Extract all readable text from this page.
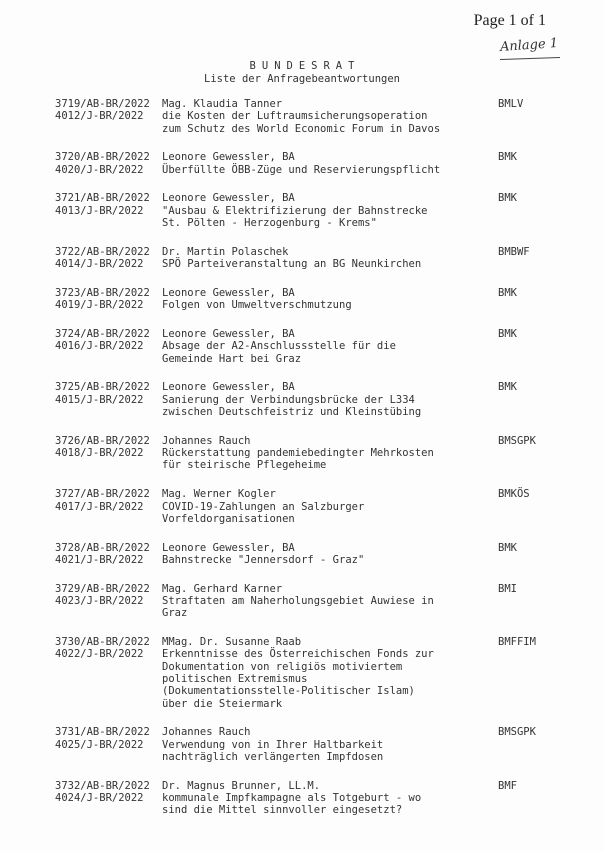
Page 1 of 1
Anlage 1
BUNDESRAT
Liste der Anfragebeantwortungen
3719/AB-BR/2022
4012/J-BR/2022
Mag. Klaudia Tanner
die Kosten der Luftraumsicherungsoperation
zum Schutz des World Economic Forum in Davos
BMLV
3720/AB-BR/2022
4020/J-BR/2022
Leonore Gewessler, BA
Überfüllte ÖBB-Züge und Reservierungspflicht
BMK
3721/AB-BR/2022
4013/J-BR/2022
Leonore Gewessler, BA
"Ausbau & Elektrifizierung der Bahnstrecke
St. Pölten - Herzogenburg - Krems"
BMK
3722/AB-BR/2022
4014/J-BR/2022
Dr. Martin Polaschek
SPÖ Parteiveranstaltung an BG Neunkirchen
BMBWF
3723/AB-BR/2022
4019/J-BR/2022
Leonore Gewessler, BA
Folgen von Umweltverschmutzung
BMK
3724/AB-BR/2022
4016/J-BR/2022
Leonore Gewessler, BA
Absage der A2-Anschlussstelle für die
Gemeinde Hart bei Graz
BMK
3725/AB-BR/2022
4015/J-BR/2022
Leonore Gewessler, BA
Sanierung der Verbindungsbrücke der L334
zwischen Deutschfeistriz und Kleinstübing
BMK
3726/AB-BR/2022
4018/J-BR/2022
Johannes Rauch
Rückerstattung pandemiebedingter Mehrkosten
für steirische Pflegeheime
BMSGPK
3727/AB-BR/2022
4017/J-BR/2022
Mag. Werner Kogler
COVID-19-Zahlungen an Salzburger
Vorfeldorganisationen
BMKÖS
3728/AB-BR/2022
4021/J-BR/2022
Leonore Gewessler, BA
Bahnstrecke "Jennersdorf - Graz"
BMK
3729/AB-BR/2022
4023/J-BR/2022
Mag. Gerhard Karner
Straftaten am Naherholungsgebiet Auwiese in
Graz
BMI
3730/AB-BR/2022
4022/J-BR/2022
MMag. Dr. Susanne Raab
Erkenntnisse des Österreichischen Fonds zur
Dokumentation von religiös motiviertem
politischen Extremismus
(Dokumentationsstelle-Politischer Islam)
über die Steiermark
BMFFIM
3731/AB-BR/2022
4025/J-BR/2022
Johannes Rauch
Verwendung von in Ihrer Haltbarkeit
nachträglich verlängerten Impfdosen
BMSGPK
3732/AB-BR/2022
4024/J-BR/2022
Dr. Magnus Brunner, LL.M.
kommunale Impfkampagne als Totgeburt - wo
sind die Mittel sinnvoller eingesetzt?
BMF
